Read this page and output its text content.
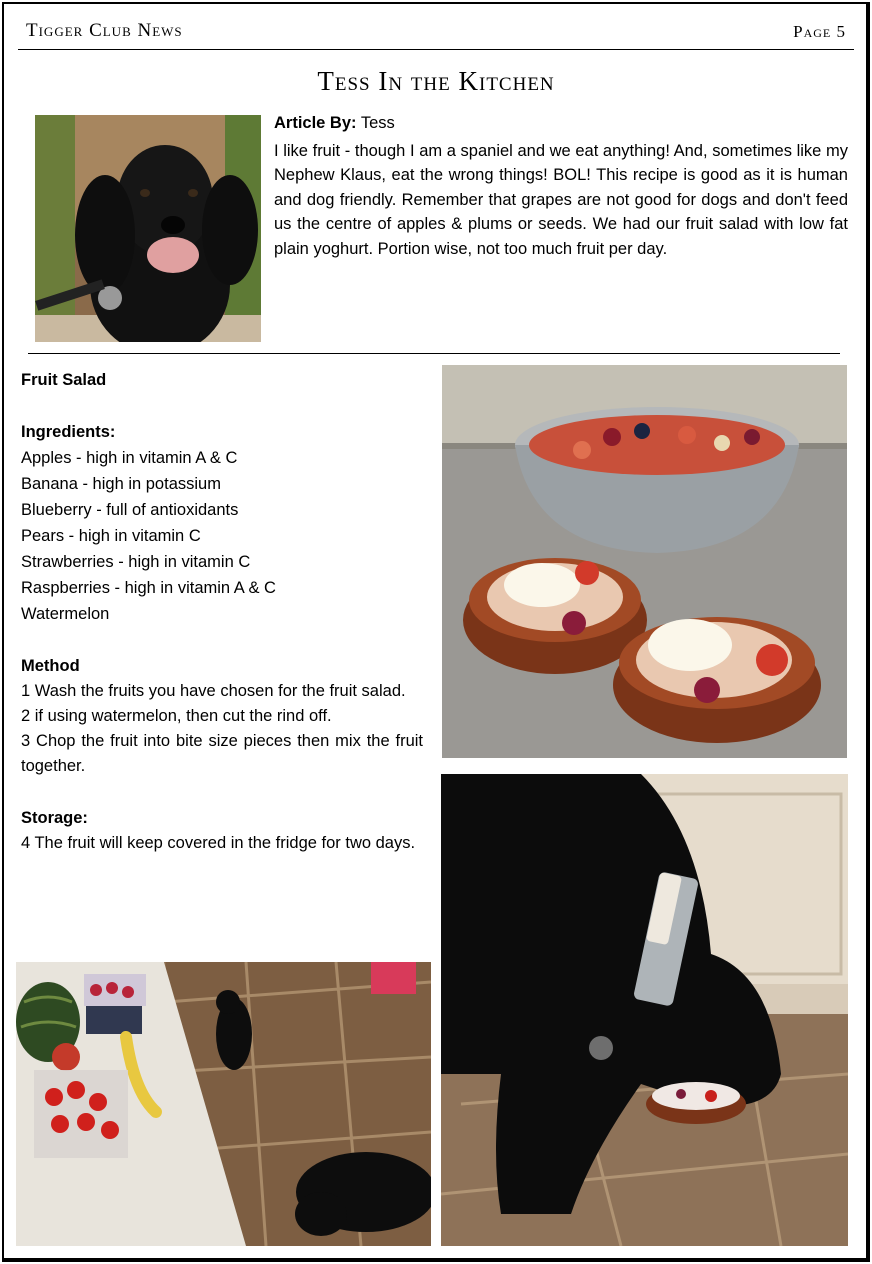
Tigger Club News	Page 5
Tess In the Kitchen
Article By: Tess

I like fruit - though I am a spaniel and we eat anything! And, sometimes like my Nephew Klaus, eat the wrong things! BOL! This recipe is good as it is human and dog friendly. Remember that grapes are not good for dogs and don't feed us the centre of apples & plums or seeds. We had our fruit salad with low fat plain yoghurt. Portion wise, not too much fruit per day.

Fruit Salad

Ingredients:

Apples - high in vitamin A & C

Banana - high in potassium

Blueberry - full of antioxidants

Pears - high in vitamin C

Strawberries - high in vitamin C

Raspberries - high in vitamin A & C

Watermelon

Method

1 Wash the fruits you have chosen for the fruit salad.

2 if using watermelon, then cut the rind off.

3 Chop the fruit into bite size pieces then mix the fruit together.

Storage:

4 The fruit will keep covered in the fridge for two days.
